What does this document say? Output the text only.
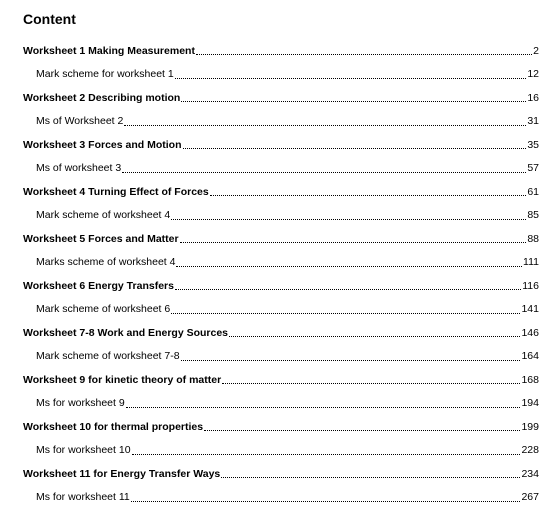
Content
Worksheet 1 Making Measurement	2
Mark scheme for worksheet 1	12
Worksheet 2 Describing motion	16
Ms of Worksheet 2	31
Worksheet 3 Forces and Motion	35
Ms of worksheet 3	57
Worksheet 4 Turning Effect of Forces	61
Mark scheme of worksheet 4	85
Worksheet 5 Forces and Matter	88
Marks scheme of worksheet 4	111
Worksheet 6 Energy Transfers	116
Mark scheme of worksheet 6	141
Worksheet 7-8 Work and Energy Sources	146
Mark scheme of worksheet 7-8	164
Worksheet 9 for kinetic theory of matter	168
Ms for worksheet 9	194
Worksheet 10 for thermal properties	199
Ms for worksheet 10	228
Worksheet 11 for Energy Transfer Ways	234
Ms for worksheet 11	267
